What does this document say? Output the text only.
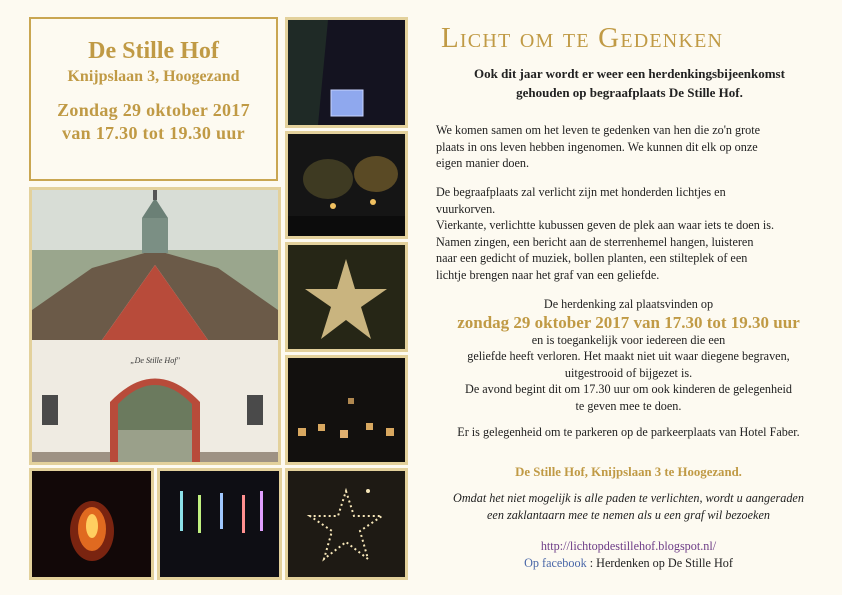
De Stille Hof
Knijpslaan 3, Hoogezand
Zondag 29 oktober 2017
van 17.30 tot 19.30 uur
„De Stille Hof"
Licht om te Gedenken
Ook dit jaar wordt er weer een herdenkingsbijeenkomst
gehouden op begraafplaats De Stille Hof.
We komen samen om het leven te gedenken van hen die zo'n grote
plaats in ons leven hebben ingenomen. We kunnen dit elk op onze
eigen manier doen.
De begraafplaats zal verlicht zijn met honderden lichtjes en
vuurkorven.
Vierkante, verlichtte kubussen geven de plek aan waar iets te doen is.
Namen zingen, een bericht aan de sterrenhemel hangen, luisteren
naar een gedicht of muziek, bollen planten, een stilteplek of een
lichtje brengen naar het graf van een geliefde.
De herdenking zal plaatsvinden op
zondag 29 oktober 2017 van 17.30 tot 19.30 uur
en is toegankelijk voor iedereen die een
geliefde heeft verloren. Het maakt niet uit waar diegene begraven,
uitgestrooid of bijgezet is.
De avond begint dit om 17.30 uur om ook kinderen de gelegenheid
te geven mee te doen.
Er is gelegenheid om te parkeren op de parkeerplaats van Hotel Faber.
De Stille Hof, Knijpslaan 3 te Hoogezand.
Omdat het niet mogelijk is alle paden te verlichten, wordt u aangeraden
een zaklantaarn mee te nemen als u een graf wil bezoeken
http://lichtopdestillehof.blogspot.nl/
Op facebook : Herdenken op De Stille Hof
